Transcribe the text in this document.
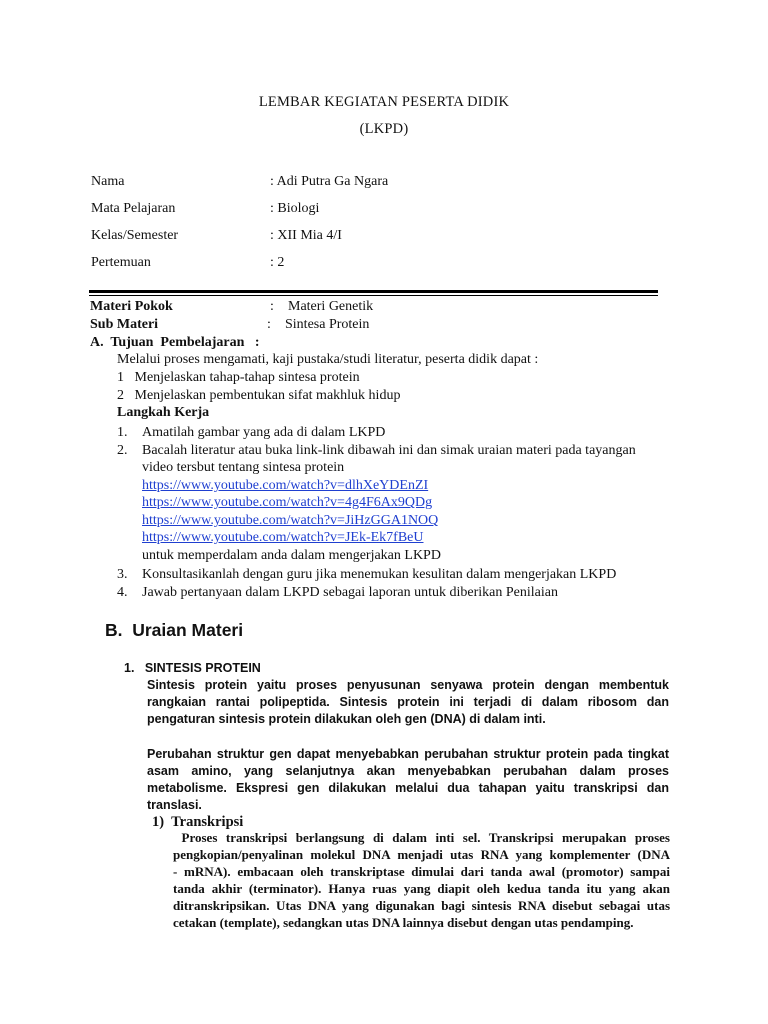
LEMBAR KEGIATAN PESERTA DIDIK
(LKPD)
Nama	: Adi Putra Ga Ngara
Mata Pelajaran	: Biologi
Kelas/Semester	: XII Mia 4/I
Pertemuan	: 2
Materi Pokok	: Materi Genetik
Sub Materi	: Sintesa Protein
A.  Tujuan  Pembelajaran   :
Melalui proses mengamati, kaji pustaka/studi literatur, peserta didik dapat :
1   Menjelaskan tahap-tahap sintesa protein
2   Menjelaskan pembentukan sifat makhluk hidup
Langkah Kerja
1. Amatilah gambar yang ada di dalam LKPD
2. Bacalah literatur atau buka link-link dibawah ini dan simak uraian materi pada tayangan
video tersbut tentang sintesa protein
https://www.youtube.com/watch?v=dlhXeYDEnZI
https://www.youtube.com/watch?v=4g4F6Ax9QDg
https://www.youtube.com/watch?v=JiHzGGA1NOQ
https://www.youtube.com/watch?v=JEk-Ek7fBeU
untuk memperdalam anda dalam mengerjakan LKPD
3. Konsultasikanlah dengan guru jika menemukan kesulitan dalam mengerjakan LKPD
4. Jawab pertanyaan dalam LKPD sebagai laporan untuk diberikan Penilaian
B.  Uraian Materi
1.   SINTESIS PROTEIN
Sintesis protein yaitu proses penyusunan senyawa protein dengan membentuk
rangkaian rantai polipeptida. Sintesis protein ini terjadi di dalam ribosom dan
pengaturan sintesis protein dilakukan oleh gen (DNA) di dalam inti.
Perubahan struktur gen dapat menyebabkan perubahan struktur protein pada tingkat
asam amino, yang selanjutnya akan menyebabkan perubahan dalam proses
metabolisme. Ekspresi gen dilakukan melalui dua tahapan yaitu transkripsi dan
translasi.
1)  Transkripsi
Proses transkripsi berlangsung di dalam inti sel. Transkripsi merupakan proses
pengkopian/penyalinan molekul DNA menjadi utas RNA yang komplementer (DNA
- mRNA). embacaan oleh transkriptase dimulai dari tanda awal (promotor) sampai
tanda akhir (terminator). Hanya ruas yang diapit oleh kedua tanda itu yang akan
ditranskripsikan. Utas DNA yang digunakan bagi sintesis RNA disebut sebagai utas
cetakan (template), sedangkan utas DNA lainnya disebut dengan utas pendamping.
